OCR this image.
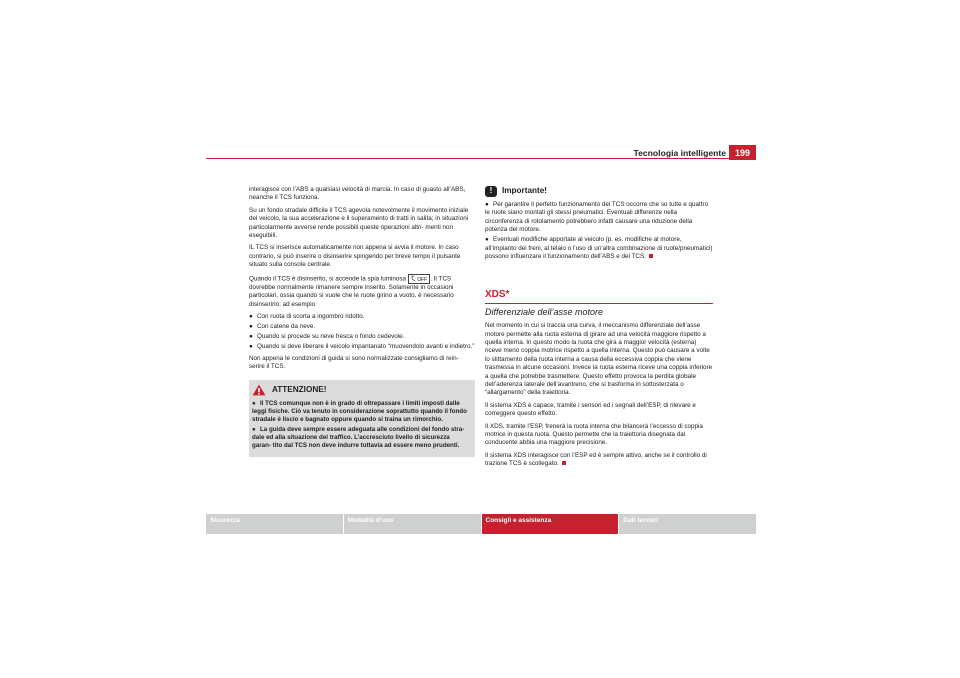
Tecnologia intelligente 199

interagisce con l’ABS a qualsiasi velocità di marcia. In caso di guasto all’ABS, neanche il TCS funziona.

Su un fondo stradale difficile il TCS agevola notevolmente il movimento iniziale del veicolo, la sua accelerazione e il superamento di tratti in salita; in situazioni particolarmente avverse rende possibili queste operazioni altri- menti non eseguibili.

IL TCS si inserisce automaticamente non appena si avvia il motore. In caso contrario, si può inserire o disinserire spingendo per breve tempo il pulsante situato sulla console centrale.

Quando il TCS è disinserito, si accende la spia luminosa OFF . Il TCS dovrebbe normalmente rimanere sempre inserito. Solamente in occasioni particolari, ossia quando si vuole che le ruote girino a vuoto, è necessario disinserirlo; ad esempio

● Con ruota di scorta a ingombro ridotto.
● Con catene da neve.
● Quando si procede su neve fresca o fondo cedevole.
● Quando si deve liberare il veicolo impantanato “muovendolo avanti e indietro.”

Non appena le condizioni di guida si sono normalizzate consigliamo di rein- serire il TCS.

ATTENZIONE!
● Il TCS comunque non è in grado di oltrepassare i limiti imposti dalle leggi fisiche. Ciò va tenuto in considerazione soprattutto quando il fondo stradale è liscio e bagnato oppure quando si traina un rimorchio.
● La guida deve sempre essere adeguata alle condizioni del fondo stra- dale ed alla situazione del traffico. L’accresciuto livello di sicurezza garan- tito dal TCS non deve indurre tuttavia ad essere meno prudenti.
!	Importante!
● Per garantire il perfetto funzionamento del TCS occorre che su tutte e quattro le ruote siano montati gli stessi pneumatici. Eventuali differenze nella circonferenza di rotolamento potrebbero infatti causare una riduzione della potenza del motore.
● Eventuali modifiche apportate al veicolo (p. es. modifiche al motore, all’impianto dei freni, al telaio o l’uso di un’altra combinazione di ruote/pneumatici) possono influenzare il funzionamento dell’ABS e del TCS.
XDS*
Differenziale dell’asse motore

Nel momento in cui si traccia una curva, il meccanismo differenziale dell’asse motore permette alla ruota esterna di girare ad una velocità maggiore rispetto a quella interna. In questo modo la ruota che gira a maggior velocità (esterna) riceve meno coppia motrice rispetto a quella interna. Questo può causare a volte lo slittamento della ruota interna a causa della eccessiva coppia che viene trasmessa in alcune occasioni. Invece la ruota esterna riceve una coppia inferiore a quella che potrebbe trasmettere. Questo effetto provoca la perdita globale dell’aderenza laterale dell’avantreno, che si trasforma in sottosterzata o “allargamento” della traiettoria.

Il sistema XDS è capace, tramite i sensori ed i segnali dell’ESP, di rilevare e correggere questo effetto.

Il XDS, tramite l’ESP, frenerà la ruota interna che bilancerà l’eccesso di coppia motrice in questa ruota. Questo permette che la traiettoria disegnata dal conducente abbia una maggiore precisione.

Il sistema XDS interagisce con l’ESP ed è sempre attivo, anche se il controllo di trazione TCS è scollegato.

Sicurezza	Modalità d’uso	Consigli e assistenza	Dati tecnici
